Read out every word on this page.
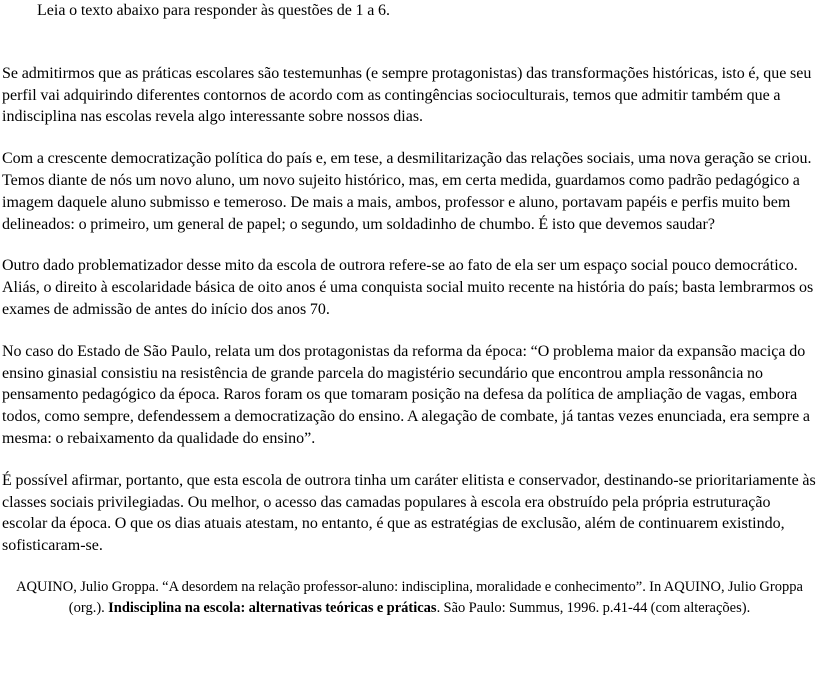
Leia o texto abaixo para responder às questões de 1 a 6.

Se admitirmos que as práticas escolares são testemunhas (e sempre protagonistas) das transformações históricas, isto é, que seu perfil vai adquirindo diferentes contornos de acordo com as contingências socioculturais, temos que admitir também que a indisciplina nas escolas revela algo interessante sobre nossos dias.

Com a crescente democratização política do país e, em tese, a desmilitarização das relações sociais, uma nova geração se criou. Temos diante de nós um novo aluno, um novo sujeito histórico, mas, em certa medida, guardamos como padrão pedagógico a imagem daquele aluno submisso e temeroso. De mais a mais, ambos, professor e aluno, portavam papéis e perfis muito bem delineados: o primeiro, um general de papel; o segundo, um soldadinho de chumbo. É isto que devemos saudar?

Outro dado problematizador desse mito da escola de outrora refere-se ao fato de ela ser um espaço social pouco democrático. Aliás, o direito à escolaridade básica de oito anos é uma conquista social muito recente na história do país; basta lembrarmos os exames de admissão de antes do início dos anos 70.

No caso do Estado de São Paulo, relata um dos protagonistas da reforma da época: “O problema maior da expansão maciça do ensino ginasial consistiu na resistência de grande parcela do magistério secundário que encontrou ampla ressonância no pensamento pedagógico da época. Raros foram os que tomaram posição na defesa da política de ampliação de vagas, embora todos, como sempre, defendessem a democratização do ensino. A alegação de combate, já tantas vezes enunciada, era sempre a mesma: o rebaixamento da qualidade do ensino”.

É possível afirmar, portanto, que esta escola de outrora tinha um caráter elitista e conservador, destinando-se prioritariamente às classes sociais privilegiadas. Ou melhor, o acesso das camadas populares à escola era obstruído pela própria estruturação escolar da época. O que os dias atuais atestam, no entanto, é que as estratégias de exclusão, além de continuarem existindo, sofisticaram-se.

AQUINO, Julio Groppa. “A desordem na relação professor-aluno: indisciplina, moralidade e conhecimento”. In AQUINO, Julio Groppa (org.). Indisciplina na escola: alternativas teóricas e práticas. São Paulo: Summus, 1996. p.41-44 (com alterações).
